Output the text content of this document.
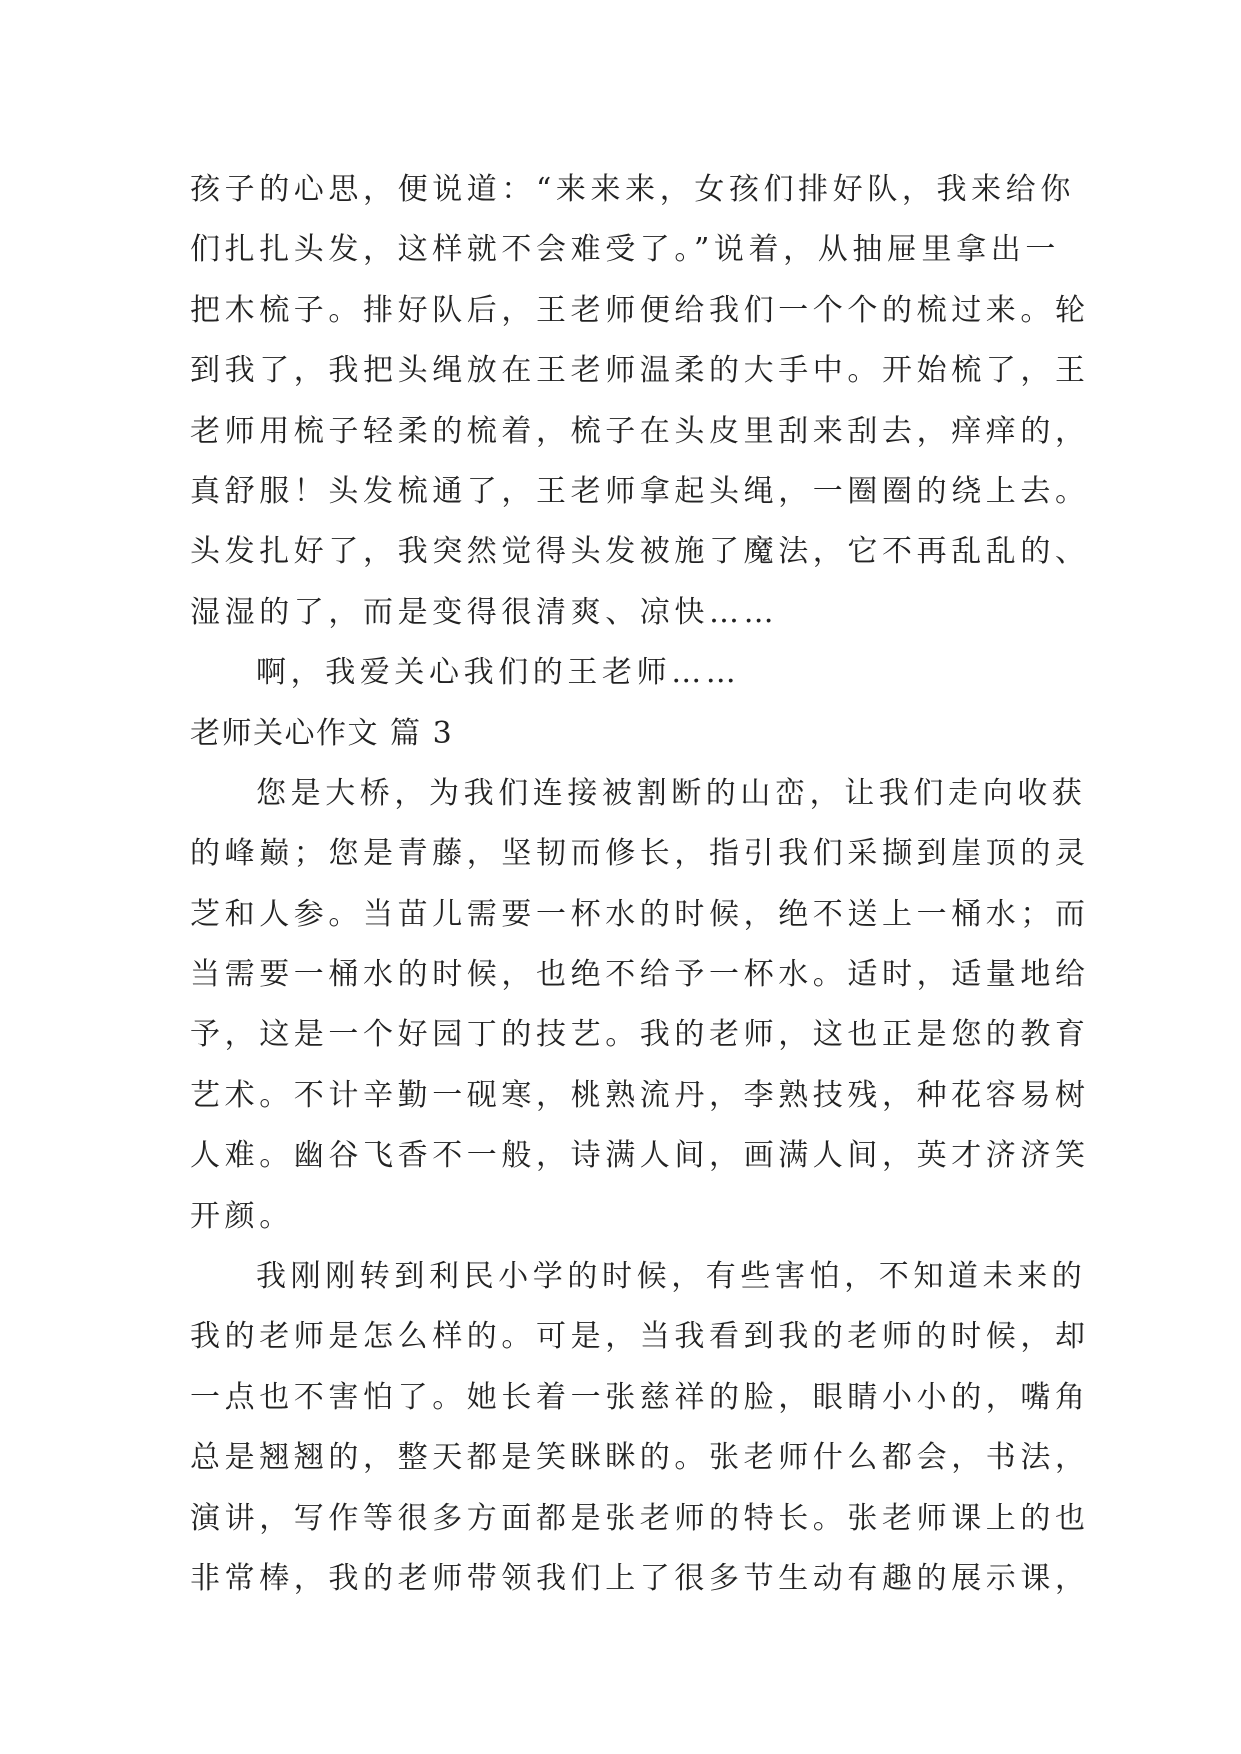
孩子的心思，便说道：“来来来，女孩们排好队，我来给你
们扎扎头发，这样就不会难受了。”说着，从抽屉里拿出一
把木梳子。排好队后，王老师便给我们一个个的梳过来。轮
到我了，我把头绳放在王老师温柔的大手中。开始梳了，王
老师用梳子轻柔的梳着，梳子在头皮里刮来刮去，痒痒的，
真舒服！头发梳通了，王老师拿起头绳，一圈圈的绕上去。
头发扎好了，我突然觉得头发被施了魔法，它不再乱乱的、
湿湿的了，而是变得很清爽、凉快……
啊，我爱关心我们的王老师……
老师关心作文 篇 3
您是大桥，为我们连接被割断的山峦，让我们走向收获
的峰巅；您是青藤，坚韧而修长，指引我们采撷到崖顶的灵
芝和人参。当苗儿需要一杯水的时候，绝不送上一桶水；而
当需要一桶水的时候，也绝不给予一杯水。适时，适量地给
予，这是一个好园丁的技艺。我的老师，这也正是您的教育
艺术。不计辛勤一砚寒，桃熟流丹，李熟技残，种花容易树
人难。幽谷飞香不一般，诗满人间，画满人间，英才济济笑
开颜。
我刚刚转到利民小学的时候，有些害怕，不知道未来的
我的老师是怎么样的。可是，当我看到我的老师的时候，却
一点也不害怕了。她长着一张慈祥的脸，眼睛小小的，嘴角
总是翘翘的，整天都是笑眯眯的。张老师什么都会，书法，
演讲，写作等很多方面都是张老师的特长。张老师课上的也
非常棒，我的老师带领我们上了很多节生动有趣的展示课，
